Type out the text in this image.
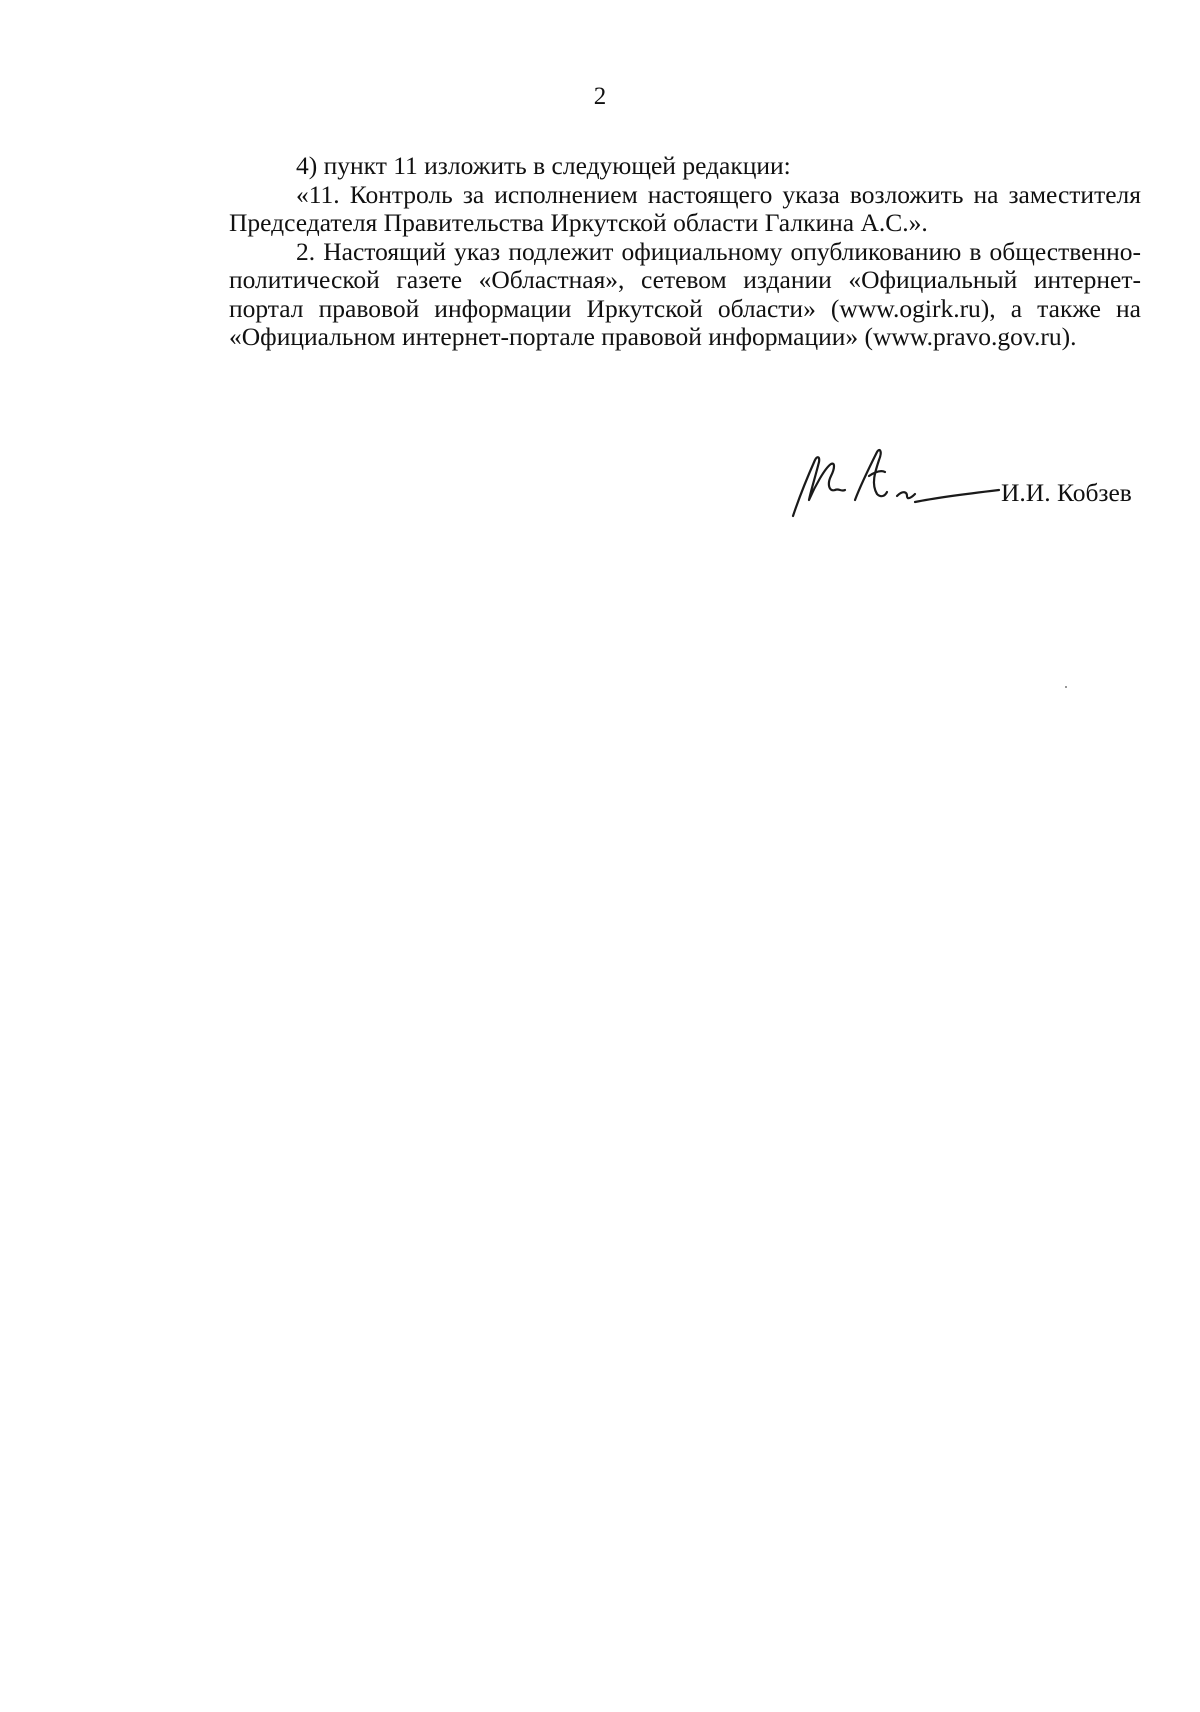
2

4) пункт 11 изложить в следующей редакции:

«11. Контроль за исполнением настоящего указа возложить на заместителя Председателя Правительства Иркутской области Галкина А.С.».

2. Настоящий указ подлежит официальному опубликованию в общественно-политической газете «Областная», сетевом издании «Официальный интернет-портал правовой информации Иркутской области» (www.ogirk.ru), а также на «Официальном интернет-портале правовой информации» (www.pravo.gov.ru).

И.И. Кобзев
